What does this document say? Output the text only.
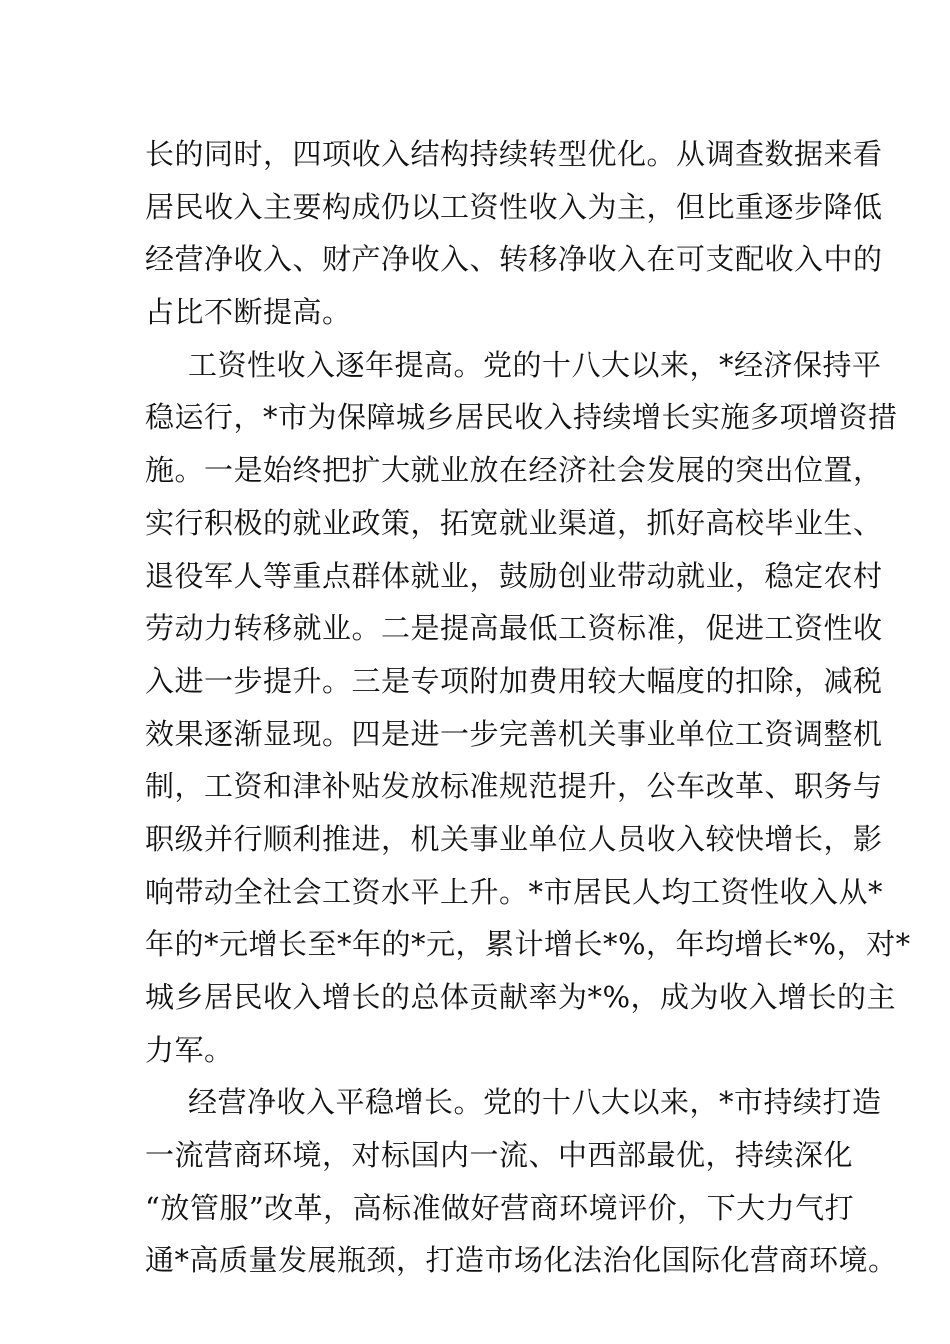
长的同时，四项收入结构持续转型优化。从调查数据来看
居民收入主要构成仍以工资性收入为主，但比重逐步降低
经营净收入、财产净收入、转移净收入在可支配收入中的
占比不断提高。
工资性收入逐年提高。党的十八大以来，*经济保持平
稳运行，*市为保障城乡居民收入持续增长实施多项增资措
施。一是始终把扩大就业放在经济社会发展的突出位置，
实行积极的就业政策，拓宽就业渠道，抓好高校毕业生、
退役军人等重点群体就业，鼓励创业带动就业，稳定农村
劳动力转移就业。二是提高最低工资标准，促进工资性收
入进一步提升。三是专项附加费用较大幅度的扣除，减税
效果逐渐显现。四是进一步完善机关事业单位工资调整机
制，工资和津补贴发放标准规范提升，公车改革、职务与
职级并行顺利推进，机关事业单位人员收入较快增长，影
响带动全社会工资水平上升。*市居民人均工资性收入从*
年的*元增长至*年的*元，累计增长*%，年均增长*%，对*
城乡居民收入增长的总体贡献率为*%，成为收入增长的主
力军。
经营净收入平稳增长。党的十八大以来，*市持续打造
一流营商环境，对标国内一流、中西部最优，持续深化
“放管服”改革，高标准做好营商环境评价，下大力气打
通*高质量发展瓶颈，打造市场化法治化国际化营商环境。
